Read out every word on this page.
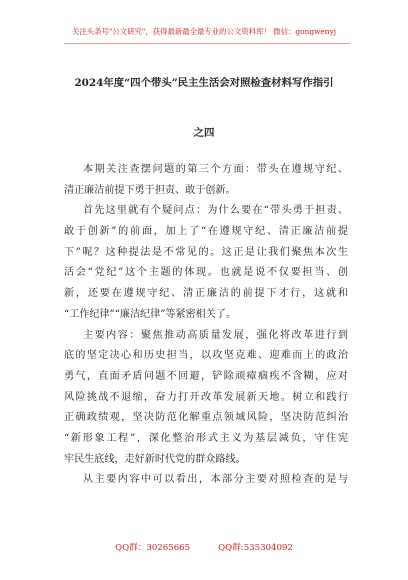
关注头条号"公文研究"，获得最新最全最专业的公文资料库！ 微信：gongwenyj
2024年度“四个带头”民主生活会对照检查材料写作指引
之四
本期关注查摆问题的第三个方面：带头在遵规守纪、
清正廉洁前提下勇于担责、敢于创新。
首先这里就有个疑问点：为什么要在“带头勇于担责、
敢于创新”的前面，加上了“在遵规守纪、清正廉洁前提
下”呢？这种提法是不常见的。这正是让我们聚焦本次生
活会“党纪”这个主题的体现。也就是说不仅要担当、创
新，还要在遵规守纪、清正廉洁的前提下才行，这就和
“工作纪律”“廉洁纪律”等紧密相关了。
主要内容：聚焦推动高质量发展，强化将改革进行到
底的坚定决心和历史担当，以攻坚克难、迎难而上的政治
勇气，直面矛盾问题不回避，铲除顽瘴痼疾不含糊，应对
风险挑战不退缩，奋力打开改革发展新天地。树立和践行
正确政绩观，坚决防范化解重点领域风险，坚决防范纠治
“新形象工程”，深化整治形式主义为基层减负，守住宪
牢民生底线，走好新时代党的群众路线。
从主要内容中可以看出，本部分主要对照检查的是与
QQ群：30265665	QQ群:535304092
